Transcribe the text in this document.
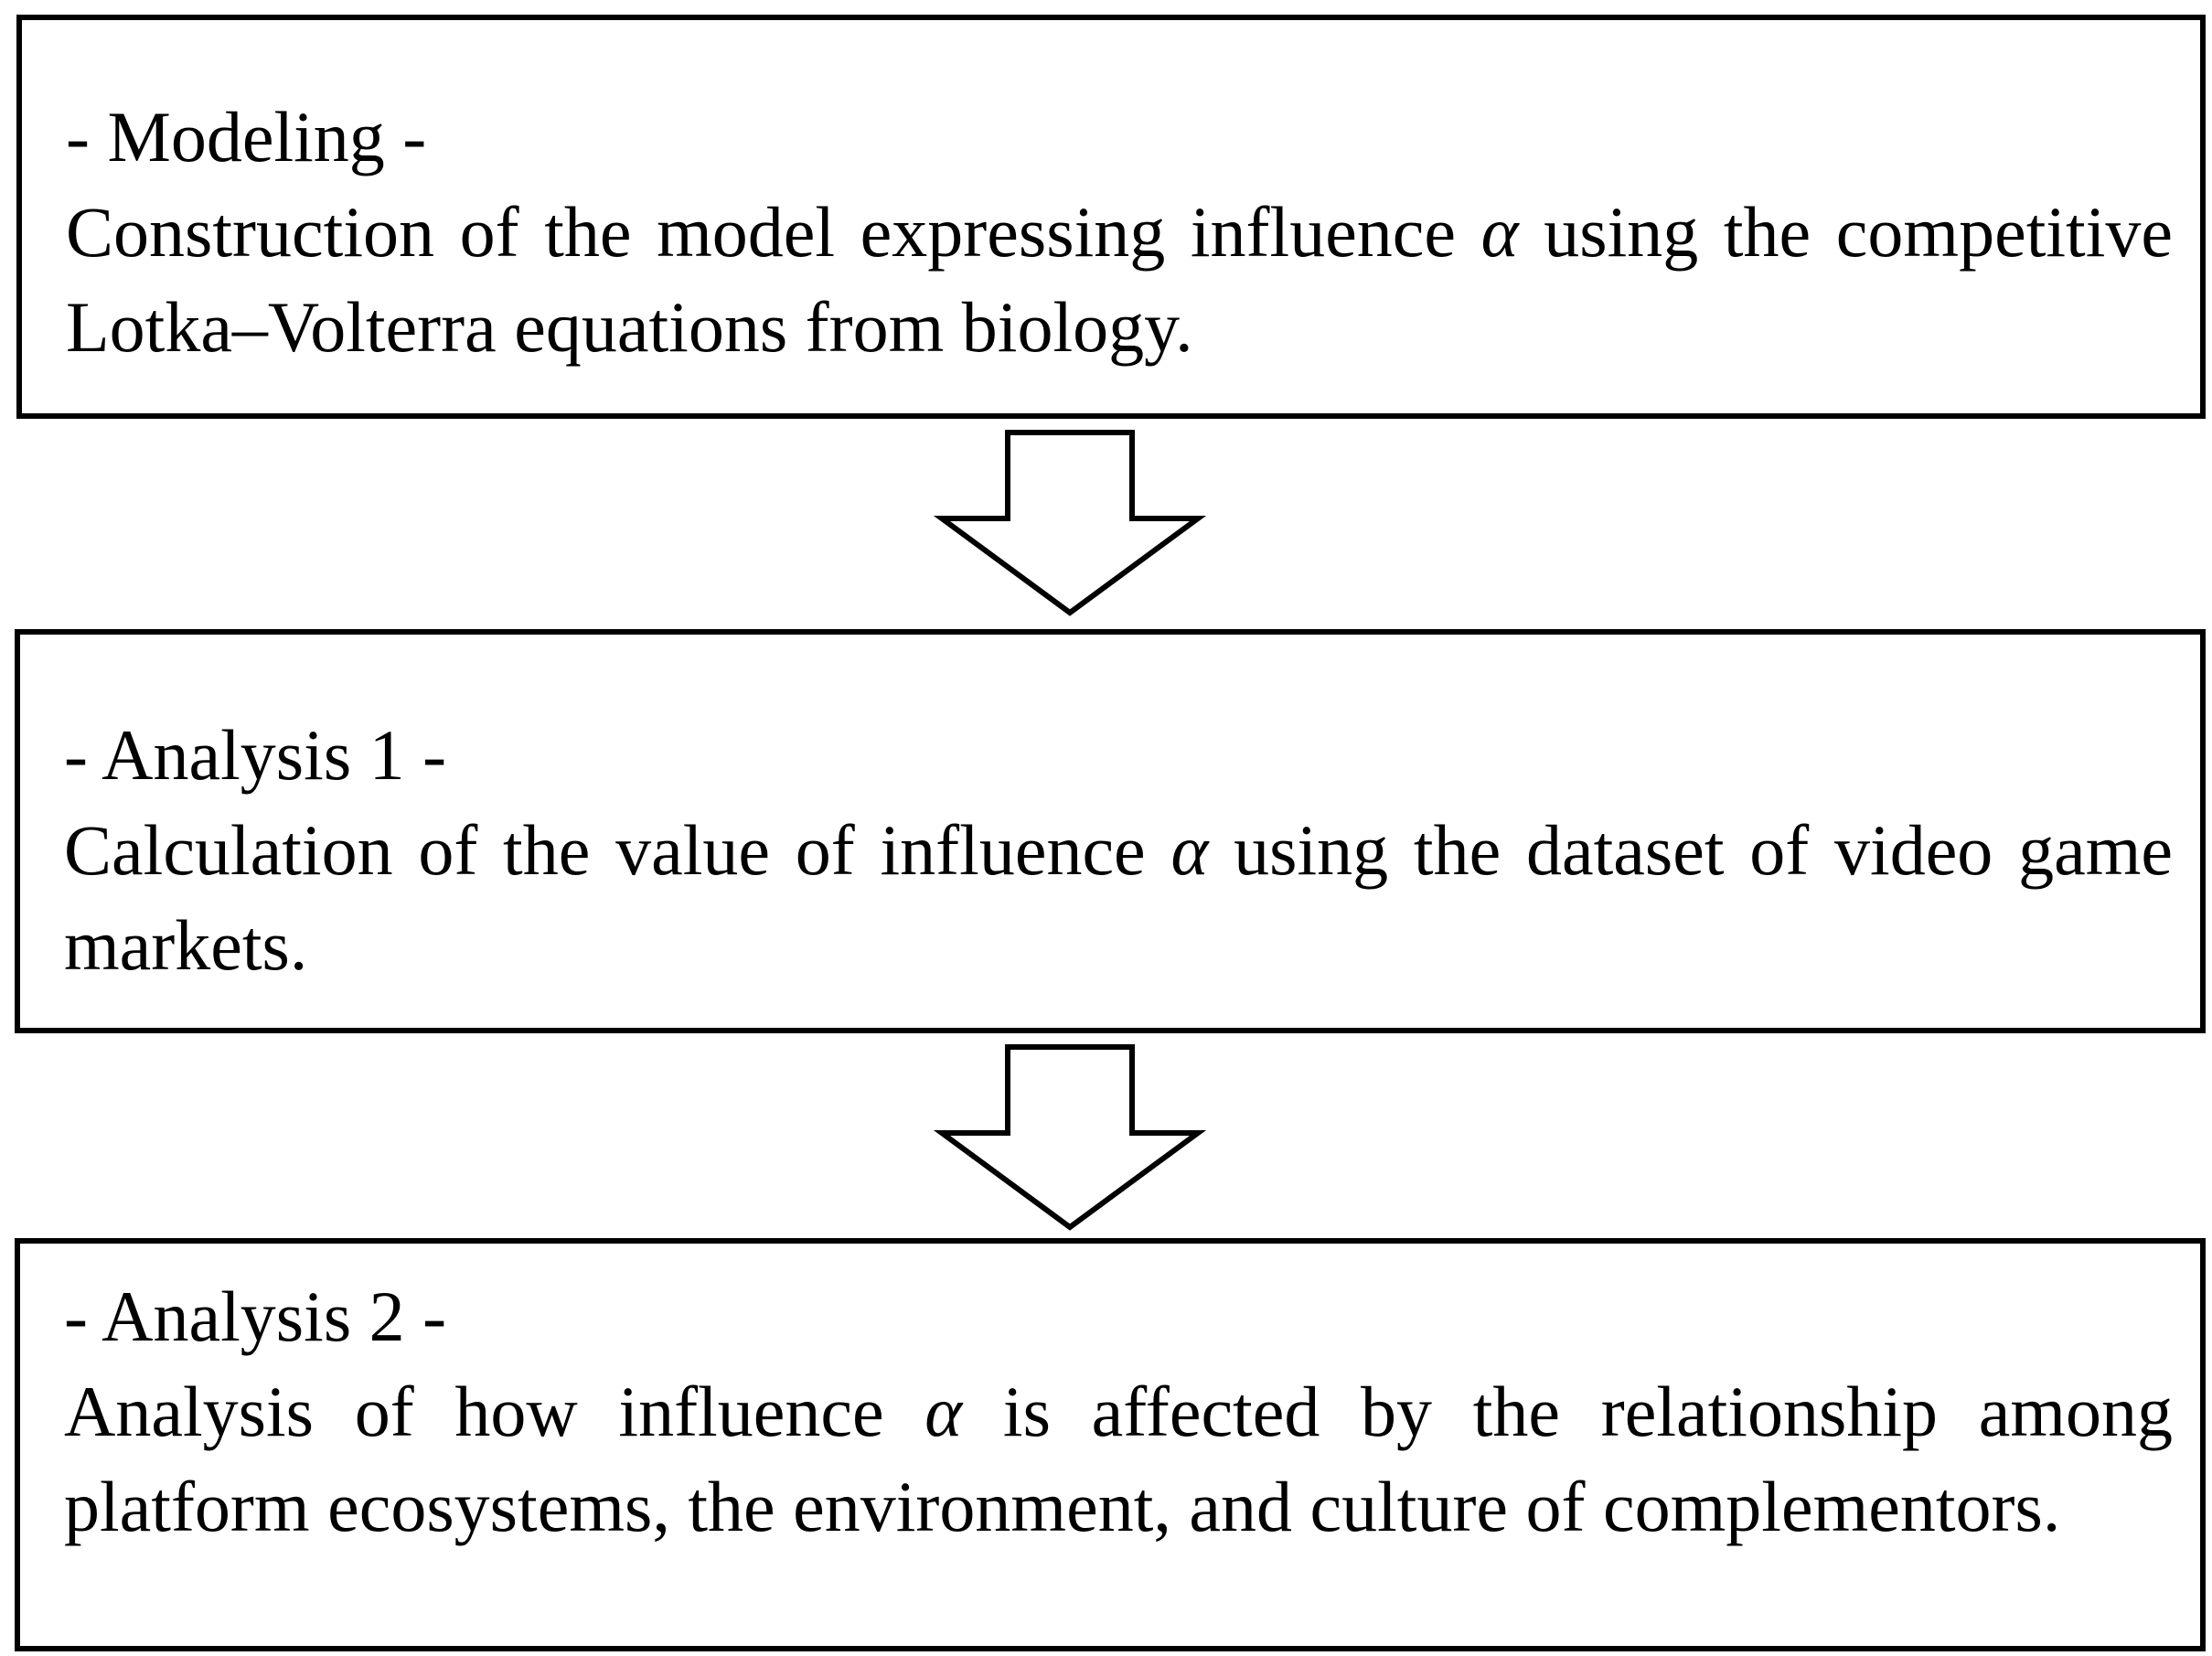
- Modeling -
Construction of the model expressing influence α using the competitive Lotka–Volterra equations from biology.
- Analysis 1 -
Calculation of the value of influence α using the dataset of video game markets.
- Analysis 2 -
Analysis of how influence α is affected by the relationship among platform ecosystems, the environment, and culture of complementors.
